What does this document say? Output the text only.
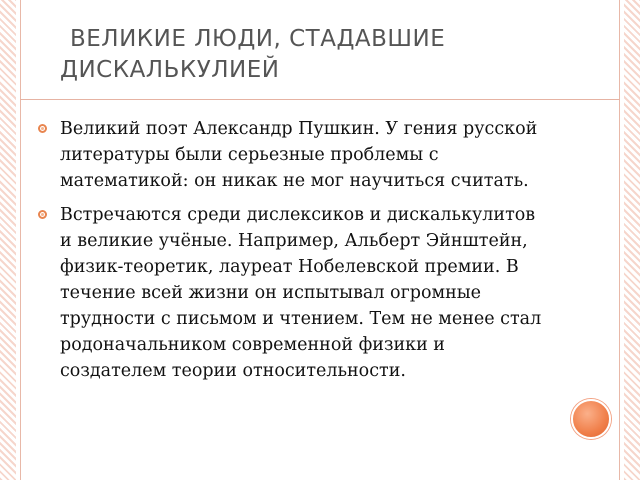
ВЕЛИКИЕ ЛЮДИ, СТАДАВШИЕ
ДИСКАЛЬКУЛИЕЙ
Великий поэт Александр Пушкин. У гения русской литературы были серьезные проблемы с математикой: он никак не мог научиться считать.
Встречаются среди дислексиков и дискалькулитов и великие учёные. Например, Альберт Эйнштейн, физик-теоретик, лауреат Нобелевской премии. В течение всей жизни он испытывал огромные трудности с письмом и чтением. Тем не менее стал родоначальником современной физики и создателем теории относительности.
